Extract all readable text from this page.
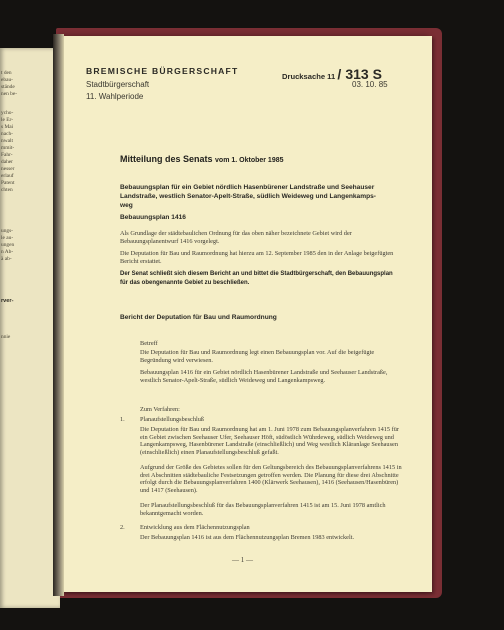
t den
ebau-
stände
nen be-
ycho-
le Er-
s Mai
nach-
nwalt
mmit-
Fahr-
daher
nesser
erlauf
Patent
chten
ungs-
le au-
ungen
n Ab-
ä ab-
rver-
nnie
BREMISCHE BÜRGERSCHAFT
Stadtbürgerschaft
11. Wahlperiode
Drucksache 11 / 313 S
03. 10. 85
Mitteilung des Senats vom 1. Oktober 1985
Bebauungsplan für ein Gebiet nördlich Hasenbürener Landstraße und Seehauser
Landstraße, westlich Senator-Apelt-Straße, südlich Weideweg und Langenkamps-
weg
Bebauungsplan 1416
Als Grundlage der städtebaulichen Ordnung für das oben näher bezeichnete Gebiet wird der Bebauungsplanentwurf 1416 vorgelegt.
Die Deputation für Bau und Raumordnung hat hierzu am 12. September 1985 den in der Anlage beigefügten Bericht erstattet.
Der Senat schließt sich diesem Bericht an und bittet die Stadtbürgerschaft, den Bebauungsplan für das obengenannte Gebiet zu beschließen.
Bericht der Deputation für Bau und Raumordnung
Betreff
Die Deputation für Bau und Raumordnung legt einen Bebauungsplan vor. Auf die beigefügte Begründung wird verwiesen.
Bebauungsplan 1416 für ein Gebiet nördlich Hasenbürener Landstraße und Seehauser Landstraße, westlich Senator-Apelt-Straße, südlich Weideweg und Langenkampsweg.
Zum Verfahren:
1. Planaufstellungsbeschluß
Die Deputation für Bau und Raumordnung hat am 1. Juni 1978 zum Bebauungsplanverfahren 1415 für ein Gebiet zwischen Seehauser Ufer, Seehauser Höft, südöstlich Wührdeweg, südlich Weideweg und Langenkampsweg, Hasenbürener Landstraße (einschließlich) und Weg westlich Kläranlage Seehausen (einschließlich) einen Planaufstellungsbeschluß gefaßt.
Aufgrund der Größe des Gebietes sollen für den Geltungsbereich des Bebauungsplanverfahrens 1415 in drei Abschnitten städtebauliche Festsetzungen getroffen werden. Die Planung für diese drei Abschnitte erfolgt durch die Bebauungsplanverfahren 1400 (Klärwerk Seehausen), 1416 (Seehausen/Hasenbüren) und 1417 (Seehausen).
Der Planaufstellungsbeschluß für das Bebauungsplanverfahren 1415 ist am 15. Juni 1978 amtlich bekanntgemacht worden.
2. Entwicklung aus dem Flächennutzungsplan
Der Bebauungsplan 1416 ist aus dem Flächennutzungsplan Bremen 1983 entwickelt.
— 1 —
